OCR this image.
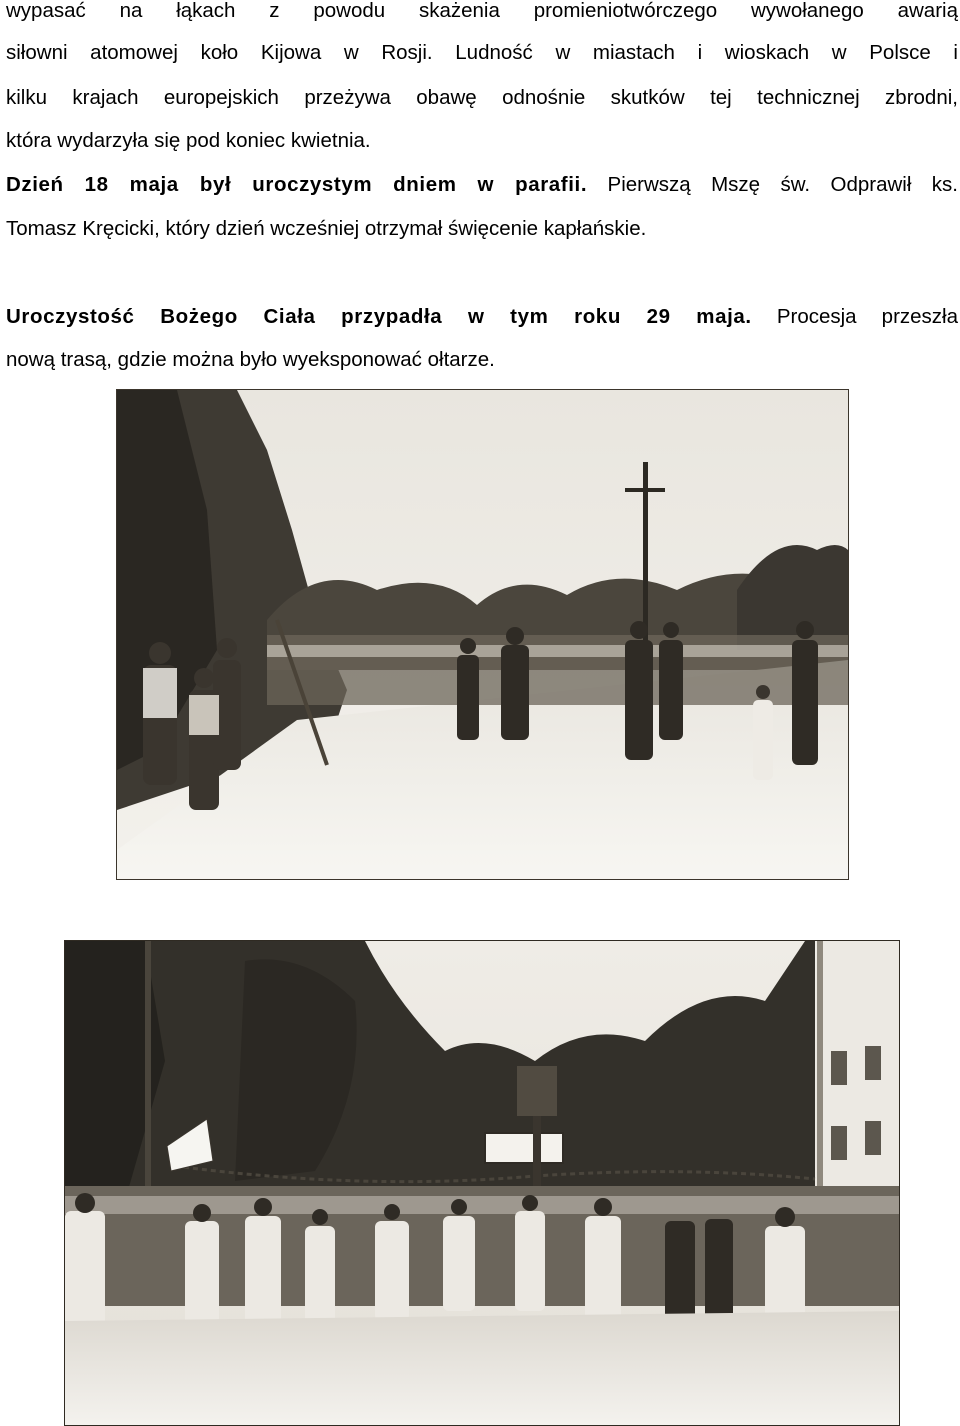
wypasać na łąkach z powodu skażenia promieniotwórczego wywołanego awarią
siłowni atomowej koło Kijowa w Rosji. Ludność w miastach i wioskach w Polsce i
kilku krajach europejskich przeżywa obawę odnośnie skutków tej technicznej zbrodni,
która wydarzyła się pod koniec kwietnia.
Dzień 18 maja był uroczystym dniem w parafii. Pierwszą Mszę św. Odprawił ks.
Tomasz Kręcicki, który dzień wcześniej otrzymał święcenie kapłańskie.
Uroczystość Bożego Ciała przypadła w tym roku 29 maja. Procesja przeszła
nową trasą, gdzie można było wyeksponować ołtarze.
